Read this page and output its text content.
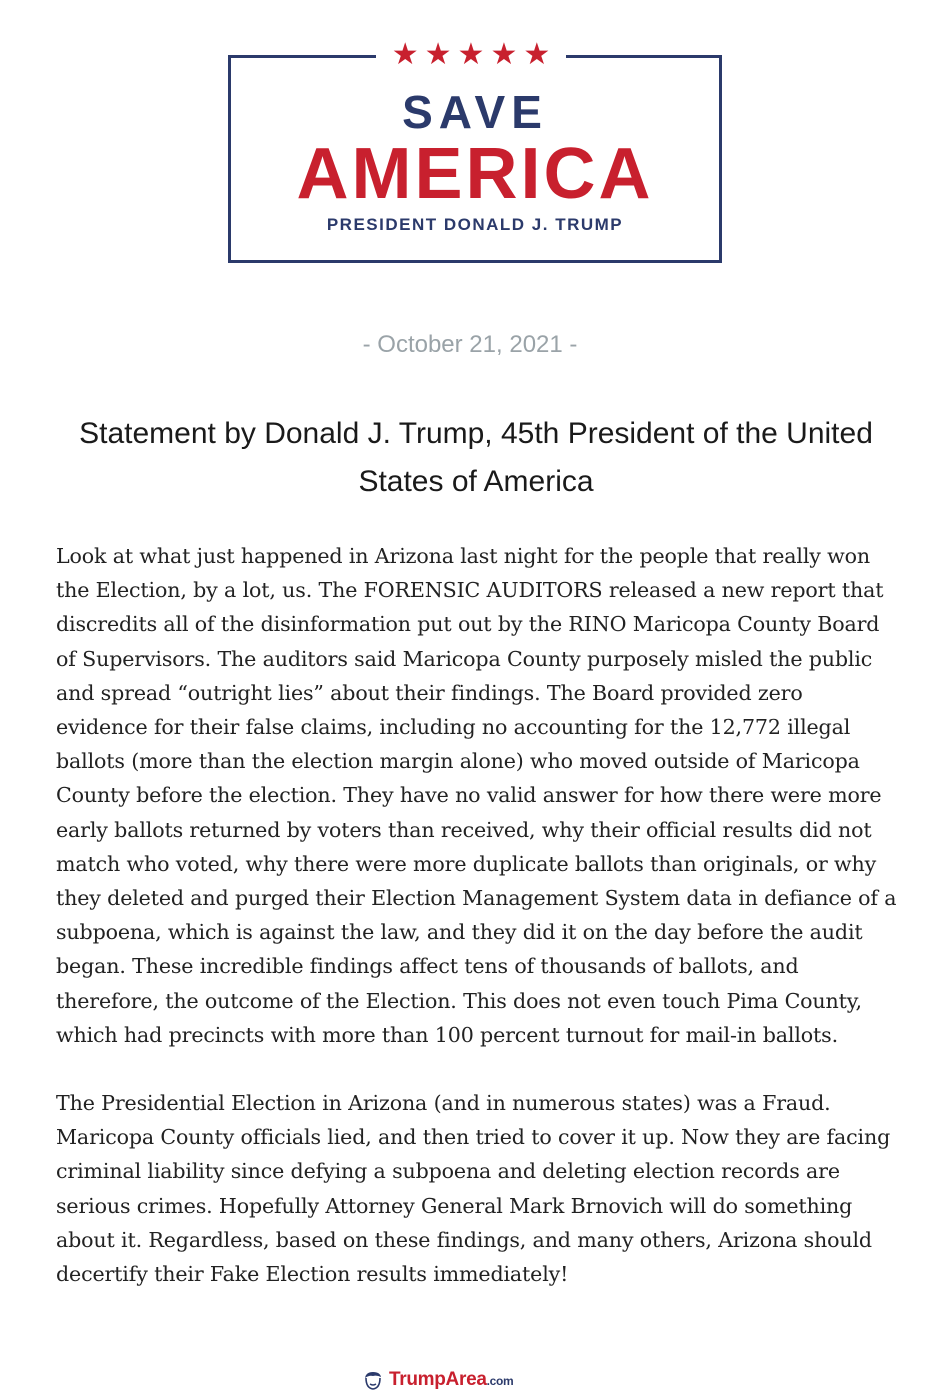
SAVE
AMERICA
PRESIDENT DONALD J. TRUMP
★ ★ ★ ★ ★
- October 21, 2021 -
Statement by Donald J. Trump, 45th President of the United States of America

Look at what just happened in Arizona last night for the people that really won the Election, by a lot, us. The FORENSIC AUDITORS released a new report that discredits all of the disinformation put out by the RINO Maricopa County Board of Supervisors. The auditors said Maricopa County purposely misled the public and spread “outright lies” about their findings. The Board provided zero evidence for their false claims, including no accounting for the 12,772 illegal ballots (more than the election margin alone) who moved outside of Maricopa County before the election. They have no valid answer for how there were more early ballots returned by voters than received, why their official results did not match who voted, why there were more duplicate ballots than originals, or why they deleted and purged their Election Management System data in defiance of a subpoena, which is against the law, and they did it on the day before the audit began. These incredible findings affect tens of thousands of ballots, and therefore, the outcome of the Election. This does not even touch Pima County, which had precincts with more than 100 percent turnout for mail-in ballots.

The Presidential Election in Arizona (and in numerous states) was a Fraud. Maricopa County officials lied, and then tried to cover it up. Now they are facing criminal liability since defying a subpoena and deleting election records are serious crimes. Hopefully Attorney General Mark Brnovich will do something about it. Regardless, based on these findings, and many others, Arizona should decertify their Fake Election results immediately!

TrumpArea.com
